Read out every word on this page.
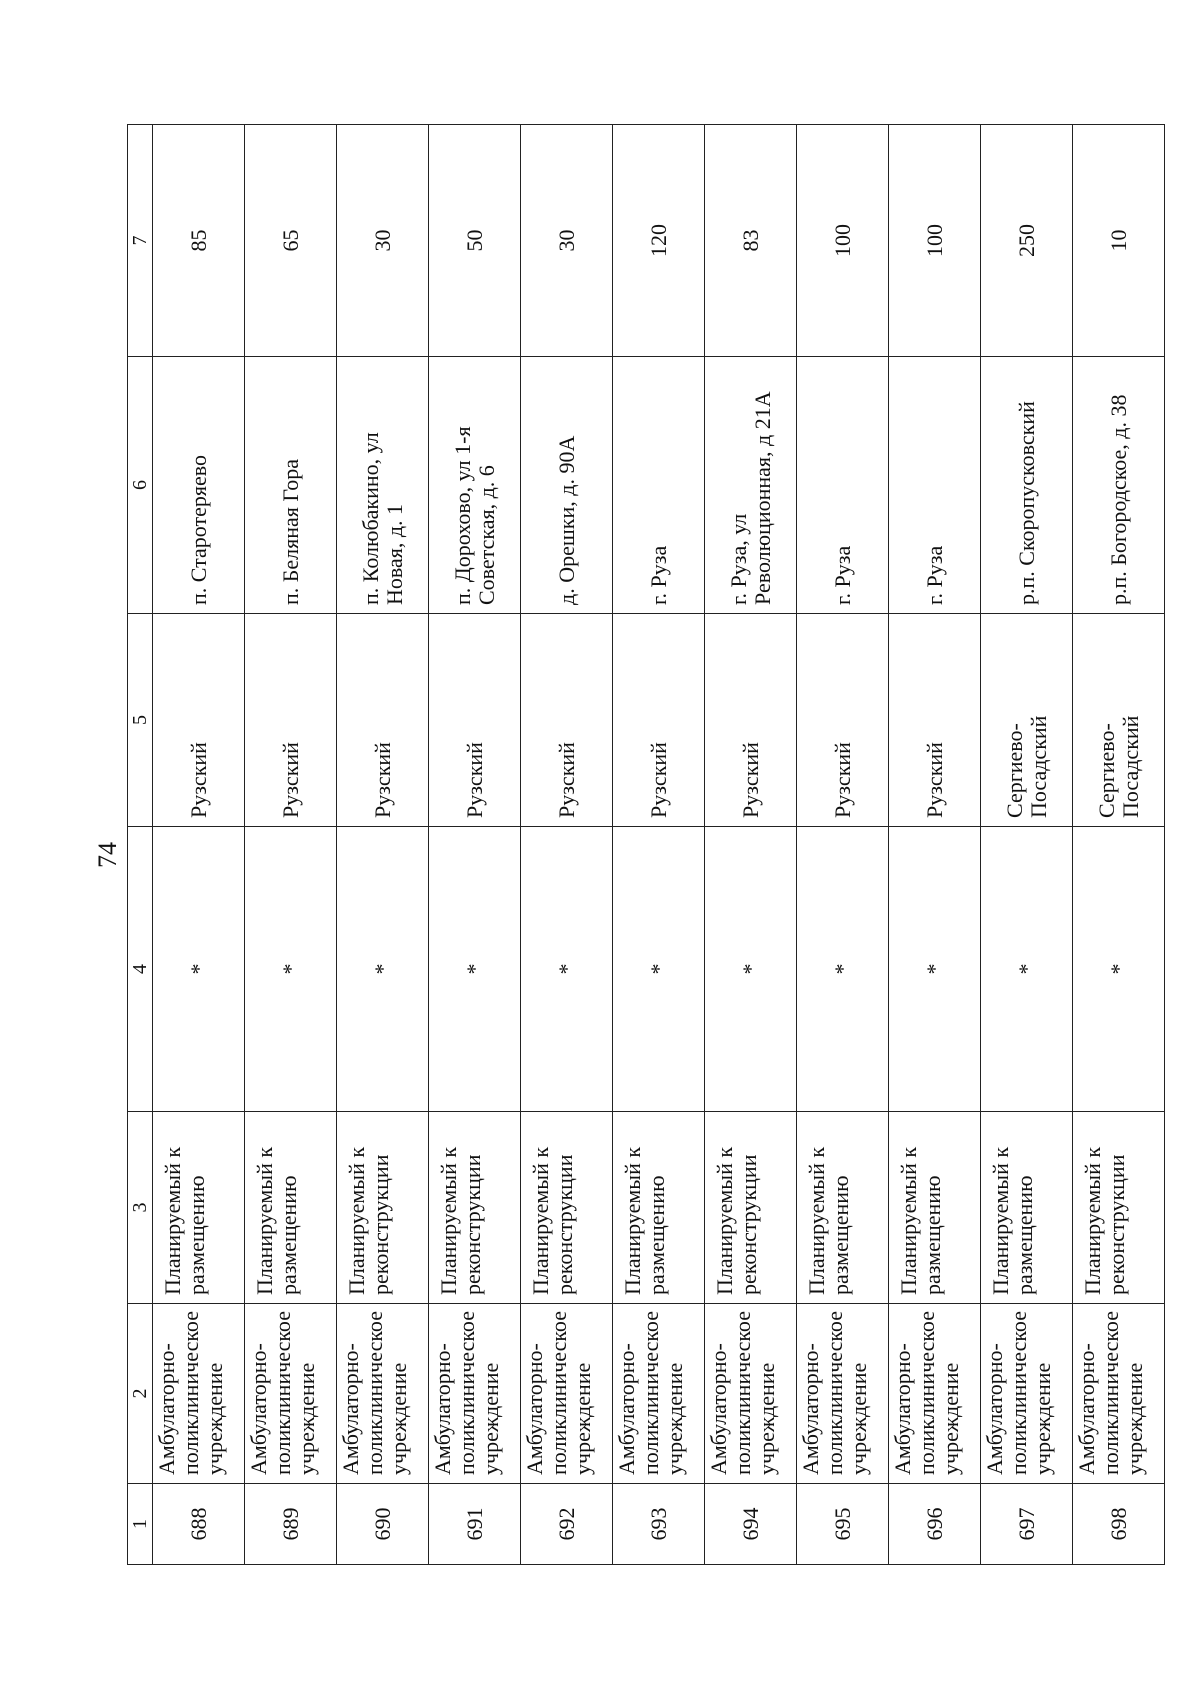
74
1	2	3	4	5	6	7
688	Амбулаторно-поликлиническое учреждение	Планируемый к размещению	*	Рузский	п. Старотеряево	85
689	Амбулаторно-поликлиническое учреждение	Планируемый к размещению	*	Рузский	п. Беляная Гора	65
690	Амбулаторно-поликлиническое учреждение	Планируемый к реконструкции	*	Рузский	п. Колюбакино, ул Новая, д. 1	30
691	Амбулаторно-поликлиническое учреждение	Планируемый к реконструкции	*	Рузский	п. Дорохово, ул 1-я Советская, д. 6	50
692	Амбулаторно-поликлиническое учреждение	Планируемый к реконструкции	*	Рузский	д. Орешки, д. 90А	30
693	Амбулаторно-поликлиническое учреждение	Планируемый к размещению	*	Рузский	г. Руза	120
694	Амбулаторно-поликлиническое учреждение	Планируемый к реконструкции	*	Рузский	г. Руза, ул Революционная, д 21А	83
695	Амбулаторно-поликлиническое учреждение	Планируемый к размещению	*	Рузский	г. Руза	100
696	Амбулаторно-поликлиническое учреждение	Планируемый к размещению	*	Рузский	г. Руза	100
697	Амбулаторно-поликлиническое учреждение	Планируемый к размещению	*	Сергиево-Посадский	р.п. Скоропусковский	250
698	Амбулаторно-поликлиническое учреждение	Планируемый к реконструкции	*	Сергиево-Посадский	р.п. Богородское, д. 38	10
